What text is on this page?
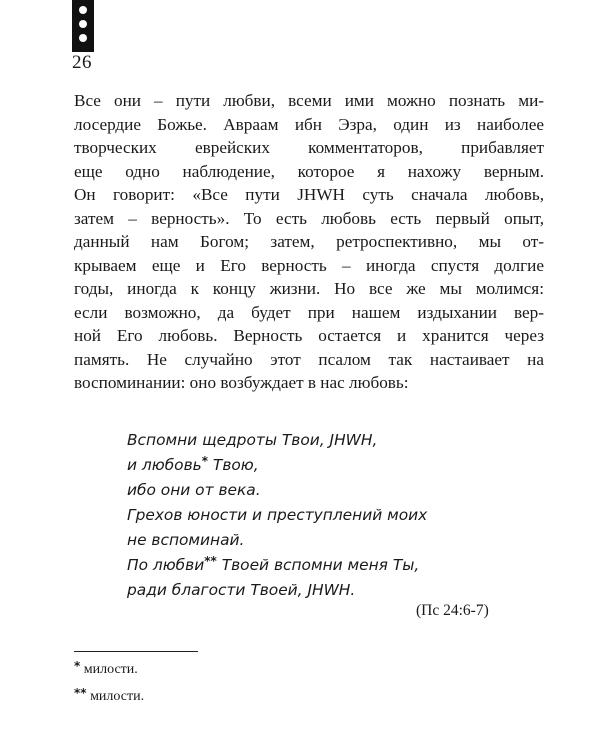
26
Все они – пути любви, всеми ими можно познать ми-
лосердие Божье. Авраам ибн Эзра, один из наиболее
творческих еврейских комментаторов, прибавляет
еще одно наблюдение, которое я нахожу верным.
Он говорит: «Все пути JHWH суть сначала любовь,
затем – верность». То есть любовь есть первый опыт,
данный нам Богом; затем, ретроспективно, мы от-
крываем еще и Его верность – иногда спустя долгие
годы, иногда к концу жизни. Но все же мы молимся:
если возможно, да будет при нашем издыхании вер-
ной Его любовь. Верность остается и хранится через
память. Не случайно этот псалом так настаивает на
воспоминании: оно возбуждает в нас любовь:
Вспомни щедроты Твои, JHWH,
и любовь* Твою,
ибо они от века.
Грехов юности и преступлений моих
не вспоминай.
По любви** Твоей вспомни меня Ты,
ради благости Твоей, JHWH.
(Пс 24:6-7)
* милости.
** милости.
